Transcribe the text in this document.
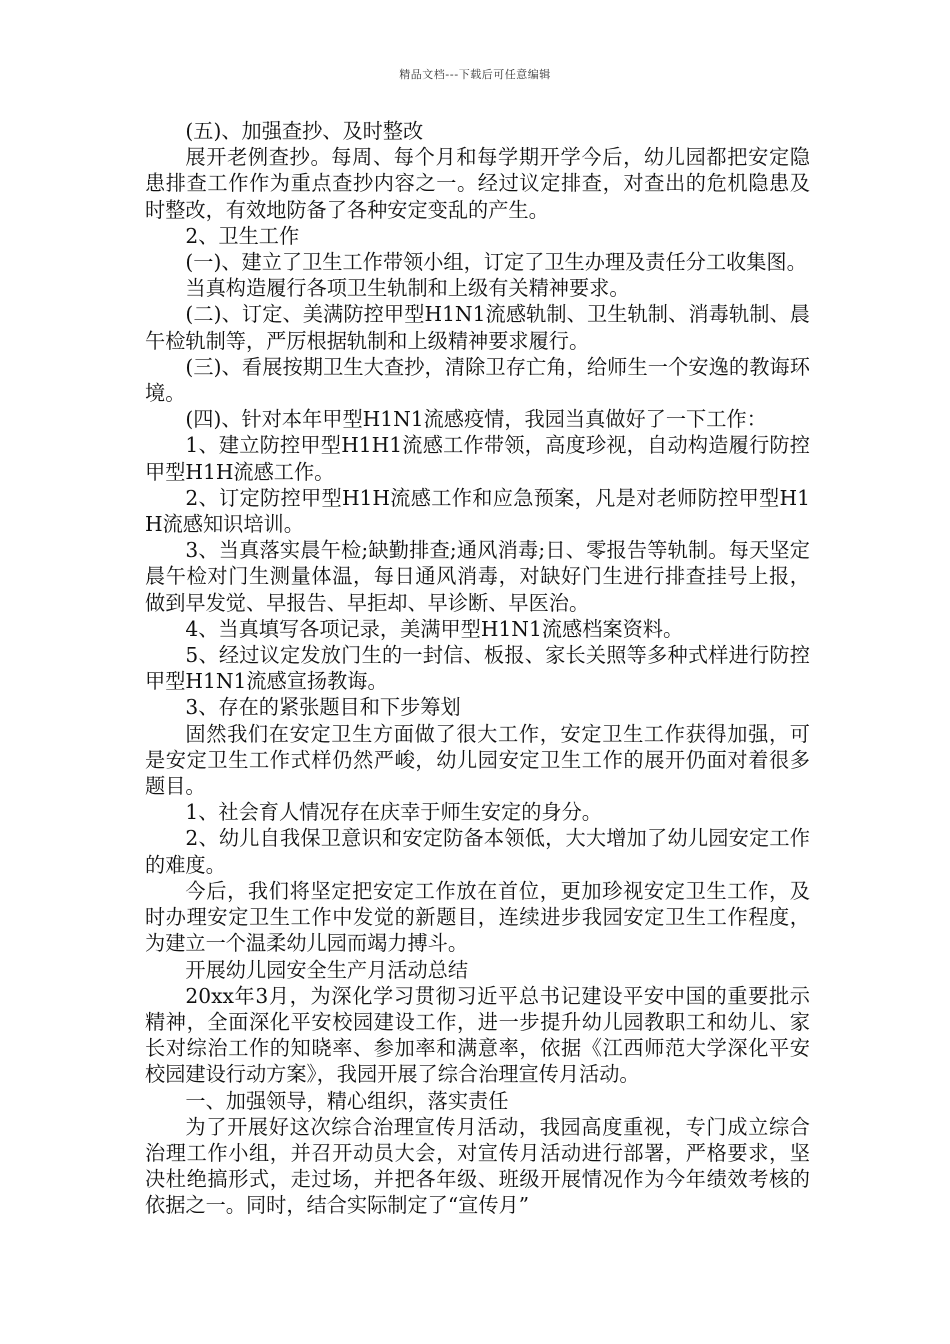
精品文档---下载后可任意编辑

(五)、加强查抄、及时整改

展开老例查抄。每周、每个月和每学期开学今后，幼儿园都把安定隐患排查工作作为重点查抄内容之一。经过议定排查，对查出的危机隐患及时整改，有效地防备了各种安定变乱的产生。

2、卫生工作

(一)、建立了卫生工作带领小组，订定了卫生办理及责任分工收集图。

当真构造履行各项卫生轨制和上级有关精神要求。

(二)、订定、美满防控甲型H1N1流感轨制、卫生轨制、消毒轨制、晨午检轨制等，严厉根据轨制和上级精神要求履行。

(三)、看展按期卫生大查抄，清除卫存亡角，给师生一个安逸的教诲环境。

(四)、针对本年甲型H1N1流感疫情，我园当真做好了一下工作：

1、建立防控甲型H1H1流感工作带领，高度珍视，自动构造履行防控甲型H1H流感工作。

2、订定防控甲型H1H流感工作和应急预案，凡是对老师防控甲型H1H流感知识培训。

3、当真落实晨午检;缺勤排查;通风消毒;日、零报告等轨制。每天坚定晨午检对门生测量体温，每日通风消毒，对缺好门生进行排查挂号上报，做到早发觉、早报告、早拒却、早诊断、早医治。

4、当真填写各项记录，美满甲型H1N1流感档案资料。

5、经过议定发放门生的一封信、板报、家长关照等多种式样进行防控甲型H1N1流感宣扬教诲。

3、存在的紧张题目和下步筹划

固然我们在安定卫生方面做了很大工作，安定卫生工作获得加强，可是安定卫生工作式样仍然严峻，幼儿园安定卫生工作的展开仍面对着很多题目。

1、社会育人情况存在庆幸于师生安定的身分。

2、幼儿自我保卫意识和安定防备本领低，大大增加了幼儿园安定工作的难度。

今后，我们将坚定把安定工作放在首位，更加珍视安定卫生工作，及时办理安定卫生工作中发觉的新题目，连续进步我园安定卫生工作程度，为建立一个温柔幼儿园而竭力搏斗。

开展幼儿园安全生产月活动总结

20xx年3月，为深化学习贯彻习近平总书记建设平安中国的重要批示精神，全面深化平安校园建设工作，进一步提升幼儿园教职工和幼儿、家长对综治工作的知晓率、参加率和满意率，依据《江西师范大学深化平安校园建设行动方案》，我园开展了综合治理宣传月活动。

一、加强领导，精心组织，落实责任

为了开展好这次综合治理宣传月活动，我园高度重视，专门成立综合治理工作小组，并召开动员大会，对宣传月活动进行部署，严格要求，坚决杜绝搞形式，走过场，并把各年级、班级开展情况作为今年绩效考核的依据之一。同时，结合实际制定了“宣传月”
